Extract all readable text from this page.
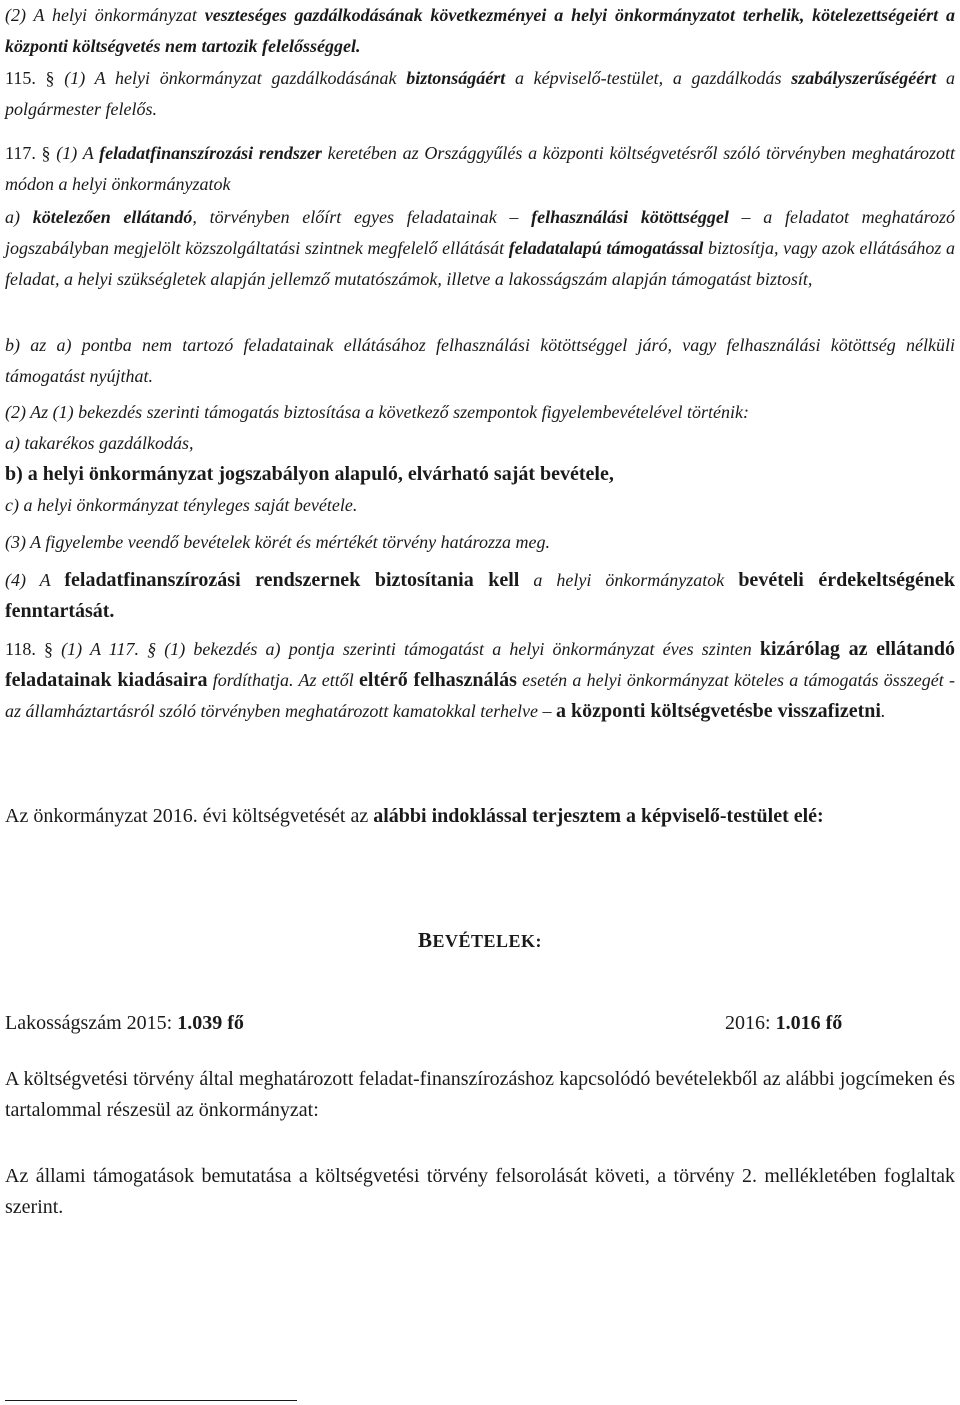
(2) A helyi önkormányzat veszteséges gazdálkodásának következményei a helyi önkormányzatot terhelik, kötelezettségeiért a központi költségvetés nem tartozik felelősséggel.

115. § (1) A helyi önkormányzat gazdálkodásának biztonságáért a képviselő-testület, a gazdálkodás szabályszerűségéért a polgármester felelős.

117. § (1) A feladatfinanszírozási rendszer keretében az Országgyűlés a központi költségvetésről szóló törvényben meghatározott módon a helyi önkormányzatok

a) kötelezően ellátandó, törvényben előírt egyes feladatainak – felhasználási kötöttséggel – a feladatot meghatározó jogszabályban megjelölt közszolgáltatási szintnek megfelelő ellátását feladatalapú támogatással biztosítja, vagy azok ellátásához a feladat, a helyi szükségletek alapján jellemző mutatószámok, illetve a lakosságszám alapján támogatást biztosít,

b) az a) pontba nem tartozó feladatainak ellátásához felhasználási kötöttséggel járó, vagy felhasználási kötöttség nélküli támogatást nyújthat.

(2) Az (1) bekezdés szerinti támogatás biztosítása a következő szempontok figyelembevételével történik:

a) takarékos gazdálkodás,

b) a helyi önkormányzat jogszabályon alapuló, elvárható saját bevétele,

c) a helyi önkormányzat tényleges saját bevétele.

(3) A figyelembe veendő bevételek körét és mértékét törvény határozza meg.

(4) A feladatfinanszírozási rendszernek biztosítania kell a helyi önkormányzatok bevételi érdekeltségének fenntartását.

118. § (1) A 117. § (1) bekezdés a) pontja szerinti támogatást a helyi önkormányzat éves szinten kizárólag az ellátandó feladatainak kiadásaira fordíthatja. Az ettől eltérő felhasználás esetén a helyi önkormányzat köteles a támogatás összegét - az államháztartásról szóló törvényben meghatározott kamatokkal terhelve – a központi költségvetésbe visszafizetni.

Az önkormányzat 2016. évi költségvetését az alábbi indoklással terjesztem a képviselő-testület elé:

BEVÉTELEK:

Lakosságszám 2015: 1.039 fő	2016: 1.016 fő

A költségvetési törvény által meghatározott feladat-finanszírozáshoz kapcsolódó bevételekből az alábbi jogcímeken és tartalommal részesül az önkormányzat:

Az állami támogatások bemutatása a költségvetési törvény felsorolását követi, a törvény 2. mellékletében foglaltak szerint.
